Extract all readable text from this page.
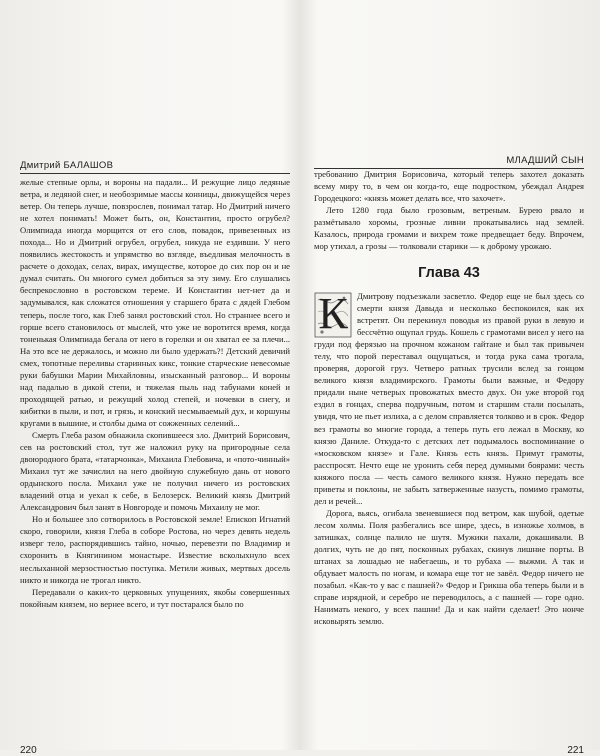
Дмитрий БАЛАШОВ

желые степные орлы, и вороны на падали... И режущие лицо ледяные ветра, и ледяной снег, и необозримые массы конницы, движущейся через ветер. Он теперь лучше, повзрослев, понимал татар. Но Дмитрий ничего не хотел понимать! Может быть, он, Константин, просто огрубел? Олимпиада иногда морщится от его слов, повадок, привезенных из похода... Но и Дмитрий огрубел, огрубел, никуда не ездивши. У него появились жестокость и упрямство во взгляде, въедливая мелочность в расчете о доходах, селах, вирах, имуществе, которое до сих пор он и не думал считать. Он многого сумел добиться за эту зиму. Его слушались беспрекословно в ростовском тереме. И Константин нет-нет да и задумывался, как сложатся отношения у старшего брата с дядей Глебом теперь, после того, как Глеб занял ростовский стол. Но страннее всего и горше всего становилось от мыслей, что уже не воротится время, когда тоненькая Олимпиада бегала от него в горелки и он хватал ее за плечи... На это все не держалось, и можно ли было удержать?! Детский девичий смех, топотные переливы старинных кикс, тонкие старческие невесомые руки бабушки Марии Михайловны, изысканный разговор... И вороны над падалью в дикой степи, и тяжелая пыль над табунами коней и проходящей ратью, и режущий холод степей, и ночевки в снегу, и кибитки в пыли, и пот, и грязь, и конский несмываемый дух, и коршуны кругами в вышине, и столбы дыма от сожженных селений...

Смерть Глеба разом обнажила скопившееся зло. Дмитрий Борисович, сев на ростовский стол, тут же наложил руку на пригородные села двоюродного брата, «татарчонка», Михаила Глебовича, и «пото-чинный» Михаил тут же зачислил на него двойную служебную дань от нового ордынского посла. Михаил уже не получил ничего из ростовских владений отца и уехал к себе, в Белозерск. Великий князь Дмитрий Александрович был занят в Новгороде и помочь Михаилу не мог.

Но и большее зло сотворилось в Ростовской земле! Епископ Игнатий скоро, говорили, князя Глеба в соборе Ростова, но через девять недель изверг тело, распорядившись тайно, ночью, перевезти по Владимир и схоронить в Княгинином монастыре. Известие всколыхнуло всех неслыханной мерзостностью поступка. Метили живых, мертвых досель никто и никогда не трогал никто.

Передавали о каких-то церковных упущениях, якобы совершенных покойным князем, но вернее всего, и тут постарался было по

220
МЛАДШИЙ СЫН

требованию Дмитрия Борисовича, который теперь захотел доказать всему миру то, в чем он когда-то, еще подростком, убеждал Андрея Городецкого: «князь может делать все, что захочет».

Лето 1280 года было грозовым, ветреным. Бурею рвало и размётывало хоромы, грозные ливни прокатывались над землей. Казалось, природа громами и вихрем тоже предвещает беду. Впрочем, мор утихал, а грозы — толковали старики — к доброму урожаю.

Глава 43

К	Дмитрову подъезжали засветло. Федор еще не был здесь со смерти князя Давыда и несколько беспокоился, как их встретят. Он перекинул поводья из правой руки в левую и бессчётно ощупал грудь. Кошель с грамотами висел у него на груди под ферязью на прочном кожаном гайтане и был так привычен телу, что порой переставал ощущаться, и тогда рука сама трогала, проверяя, дорогой груз. Четверо ратных трусили вслед за гонцом великого князя владимирского. Грамоты были важные, и Федору придали ныне четверых провожатых вместо двух. Он уже второй год ездил в гонцах, сперва подручным, потом и старшим стали посылать, увидя, что не пьет излиха, а с делом справляется толково и в срок. Федор вез грамоты во многие города, а теперь путь его лежал в Москву, ко князю Даниле. Откуда-то с детских лет подымалось воспоминание о «московском князе» и Гале. Князь есть князь. Примут грамоты, расспросят. Нечто еще не уронить себя перед думными боярами: честь княжого посла — честь самого великого князя. Нужно передать все приветы и поклоны, не забыть затверженные назусть, помимо грамоты, дел и речей...

Дорога, вьясь, огибала звеневшиеся под ветром, как шубой, одетые лесом холмы. Поля разбегались все шире, здесь, в изножье холмов, в затишках, солнце палило не шутя. Мужики пахали, докашивали. В долгих, чуть не до пят, посконных рубахах, скинув лишние порты. В штанах за лошадью не набегаешь, и то рубаха — выжми. А так и обдувает малость по ногам, и комара еще тот не завёл. Федор ничего не позабыл. «Как-то у вас с пашней?» Федор и Грикша оба теперь были и в справе изрядной, и серебро не переводилось, а с пашней — горе одно. Нанимать некого, у всех пашни! Да и как найти сделает! Это нонче исковырять землю.

221
